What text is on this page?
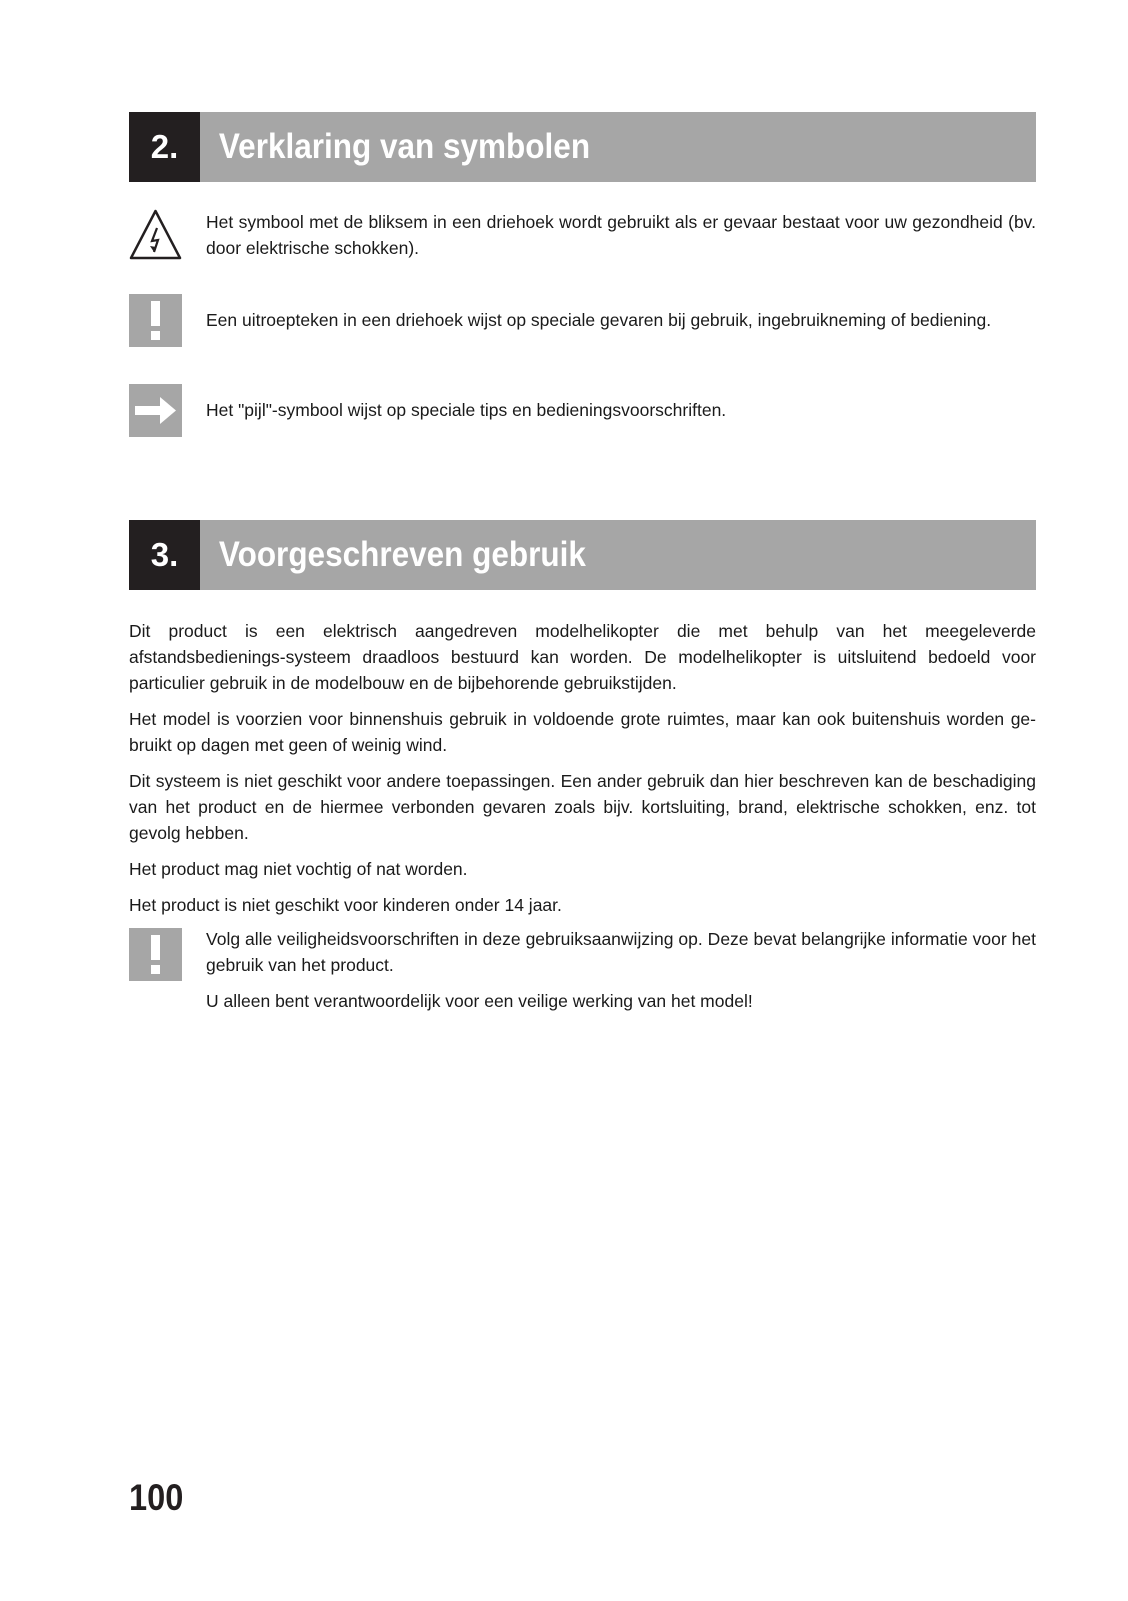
2.	Verklaring van symbolen
Het symbool met de bliksem in een driehoek wordt gebruikt als er gevaar bestaat voor uw gezondheid (bv. door elektrische schokken).
Een uitroepteken in een driehoek wijst op speciale gevaren bij gebruik, ingebruikneming of bediening.
Het "pijl"-symbool wijst op speciale tips en bedieningsvoorschriften.
3.	Voorgeschreven gebruik

Dit product is een elektrisch aangedreven modelhelikopter die met behulp van het meegeleverde afstandsbedienings-systeem draadloos bestuurd kan worden. De modelhelikopter is uitsluitend bedoeld voor particulier gebruik in de modelbouw en de bijbehorende gebruikstijden.

Het model is voorzien voor binnenshuis gebruik in voldoende grote ruimtes, maar kan ook buitenshuis worden ge-bruikt op dagen met geen of weinig wind.

Dit systeem is niet geschikt voor andere toepassingen. Een ander gebruik dan hier beschreven kan de beschadiging van het product en de hiermee verbonden gevaren zoals bijv. kortsluiting, brand, elektrische schokken, enz. tot gevolg hebben.

Het product mag niet vochtig of nat worden.

Het product is niet geschikt voor kinderen onder 14 jaar.

Volg alle veiligheidsvoorschriften in deze gebruiksaanwijzing op. Deze bevat belangrijke informatie voor het gebruik van het product.

U alleen bent verantwoordelijk voor een veilige werking van het model!

100
